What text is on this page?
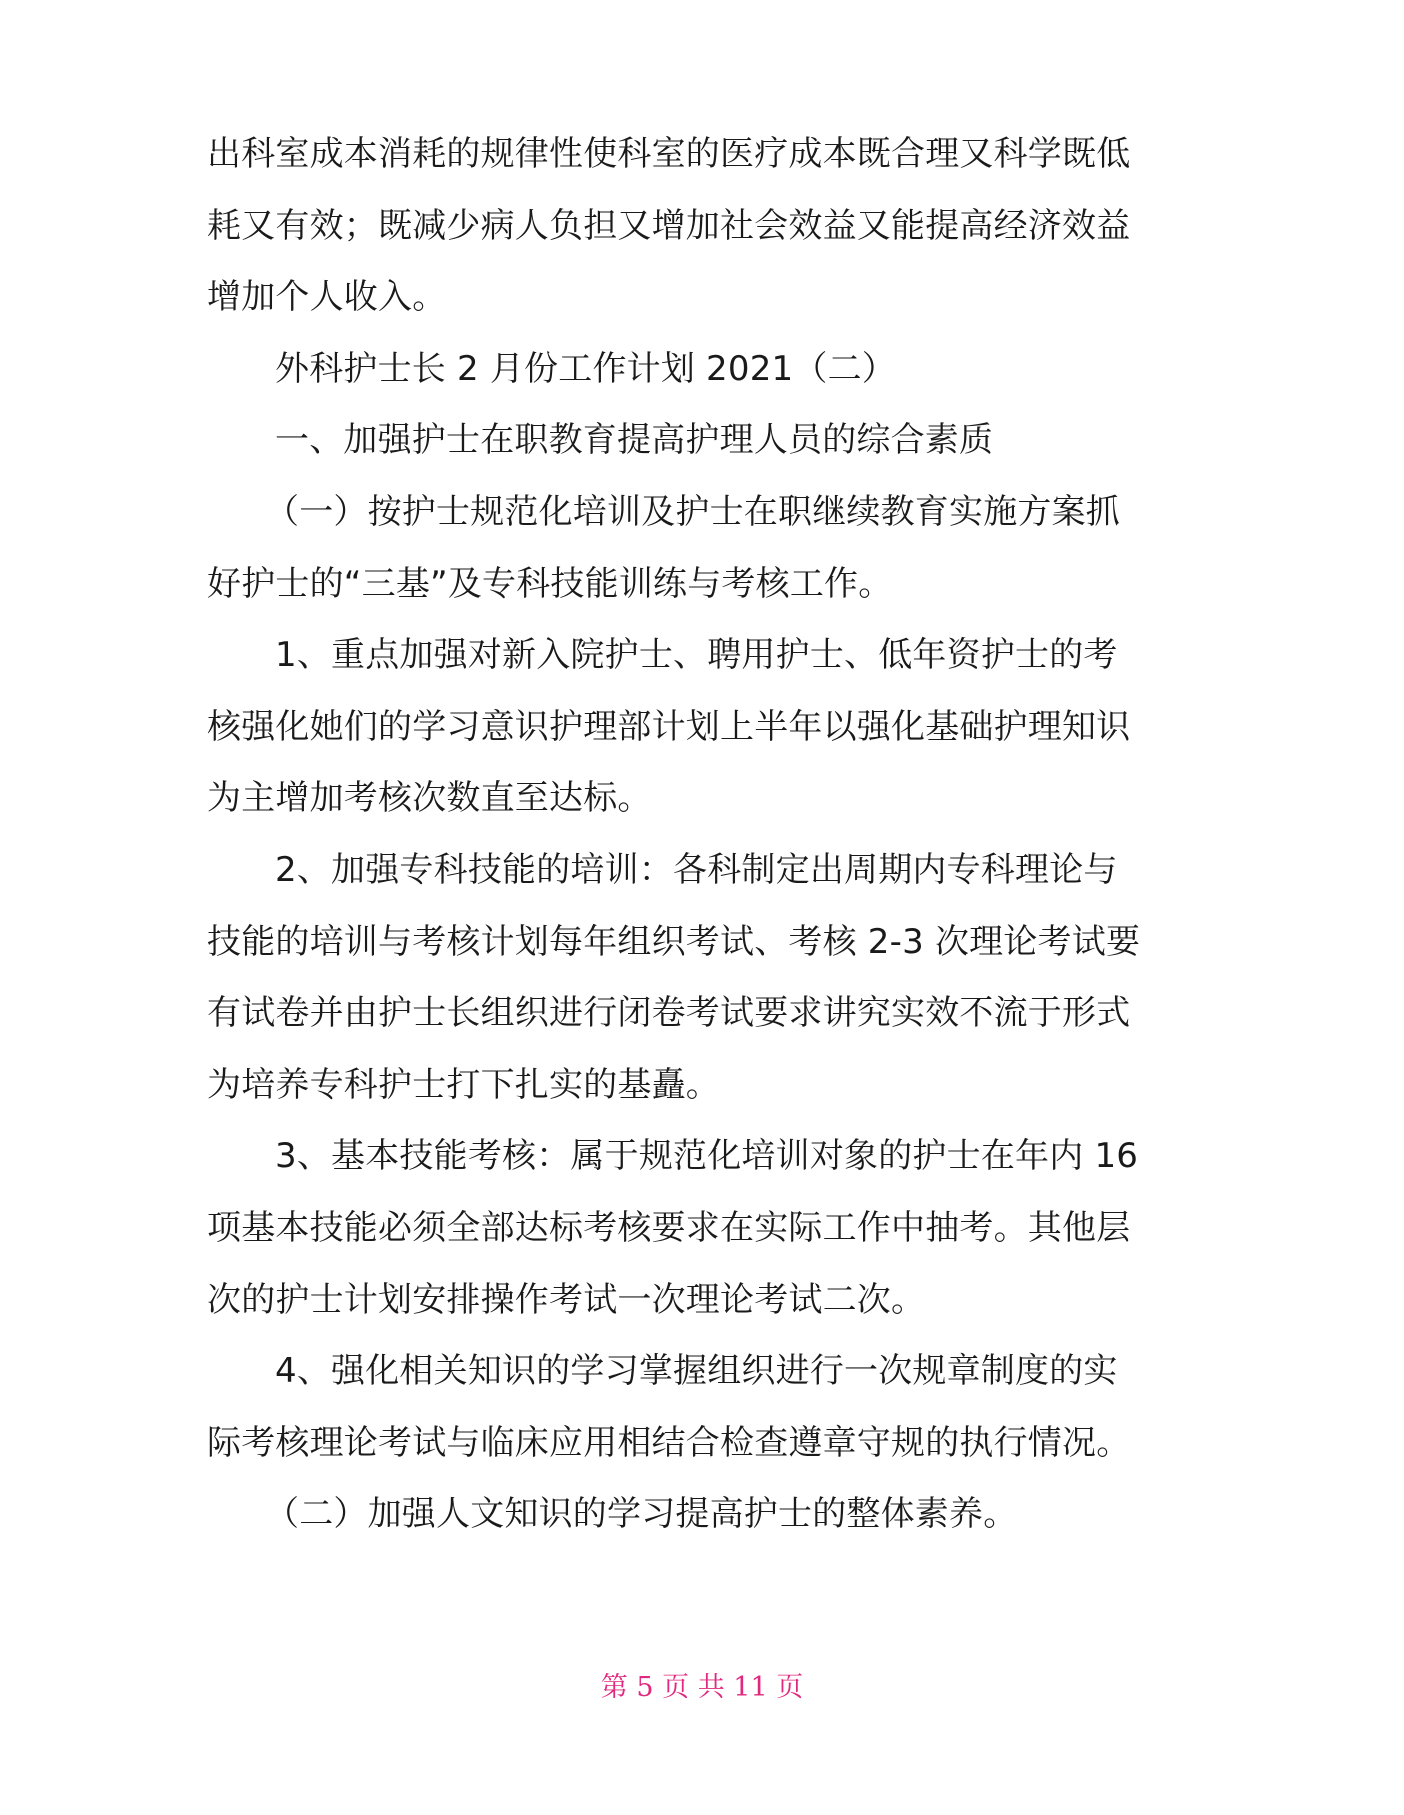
出科室成本消耗的规律性使科室的医疗成本既合理又科学既低
耗又有效；既减少病人负担又增加社会效益又能提高经济效益
增加个人收入。
外科护士长 2 月份工作计划 2021（二）
一、加强护士在职教育提高护理人员的综合素质
（一）按护士规范化培训及护士在职继续教育实施方案抓
好护士的“三基”及专科技能训练与考核工作。
1、重点加强对新入院护士、聘用护士、低年资护士的考
核强化她们的学习意识护理部计划上半年以强化基础护理知识
为主增加考核次数直至达标。
2、加强专科技能的培训：各科制定出周期内专科理论与
技能的培训与考核计划每年组织考试、考核 2-3 次理论考试要
有试卷并由护士长组织进行闭卷考试要求讲究实效不流于形式
为培养专科护士打下扎实的基矗。
3、基本技能考核：属于规范化培训对象的护士在年内 16
项基本技能必须全部达标考核要求在实际工作中抽考。其他层
次的护士计划安排操作考试一次理论考试二次。
4、强化相关知识的学习掌握组织进行一次规章制度的实
际考核理论考试与临床应用相结合检查遵章守规的执行情况。
（二）加强人文知识的学习提高护士的整体素养。
第 5 页 共 11 页
